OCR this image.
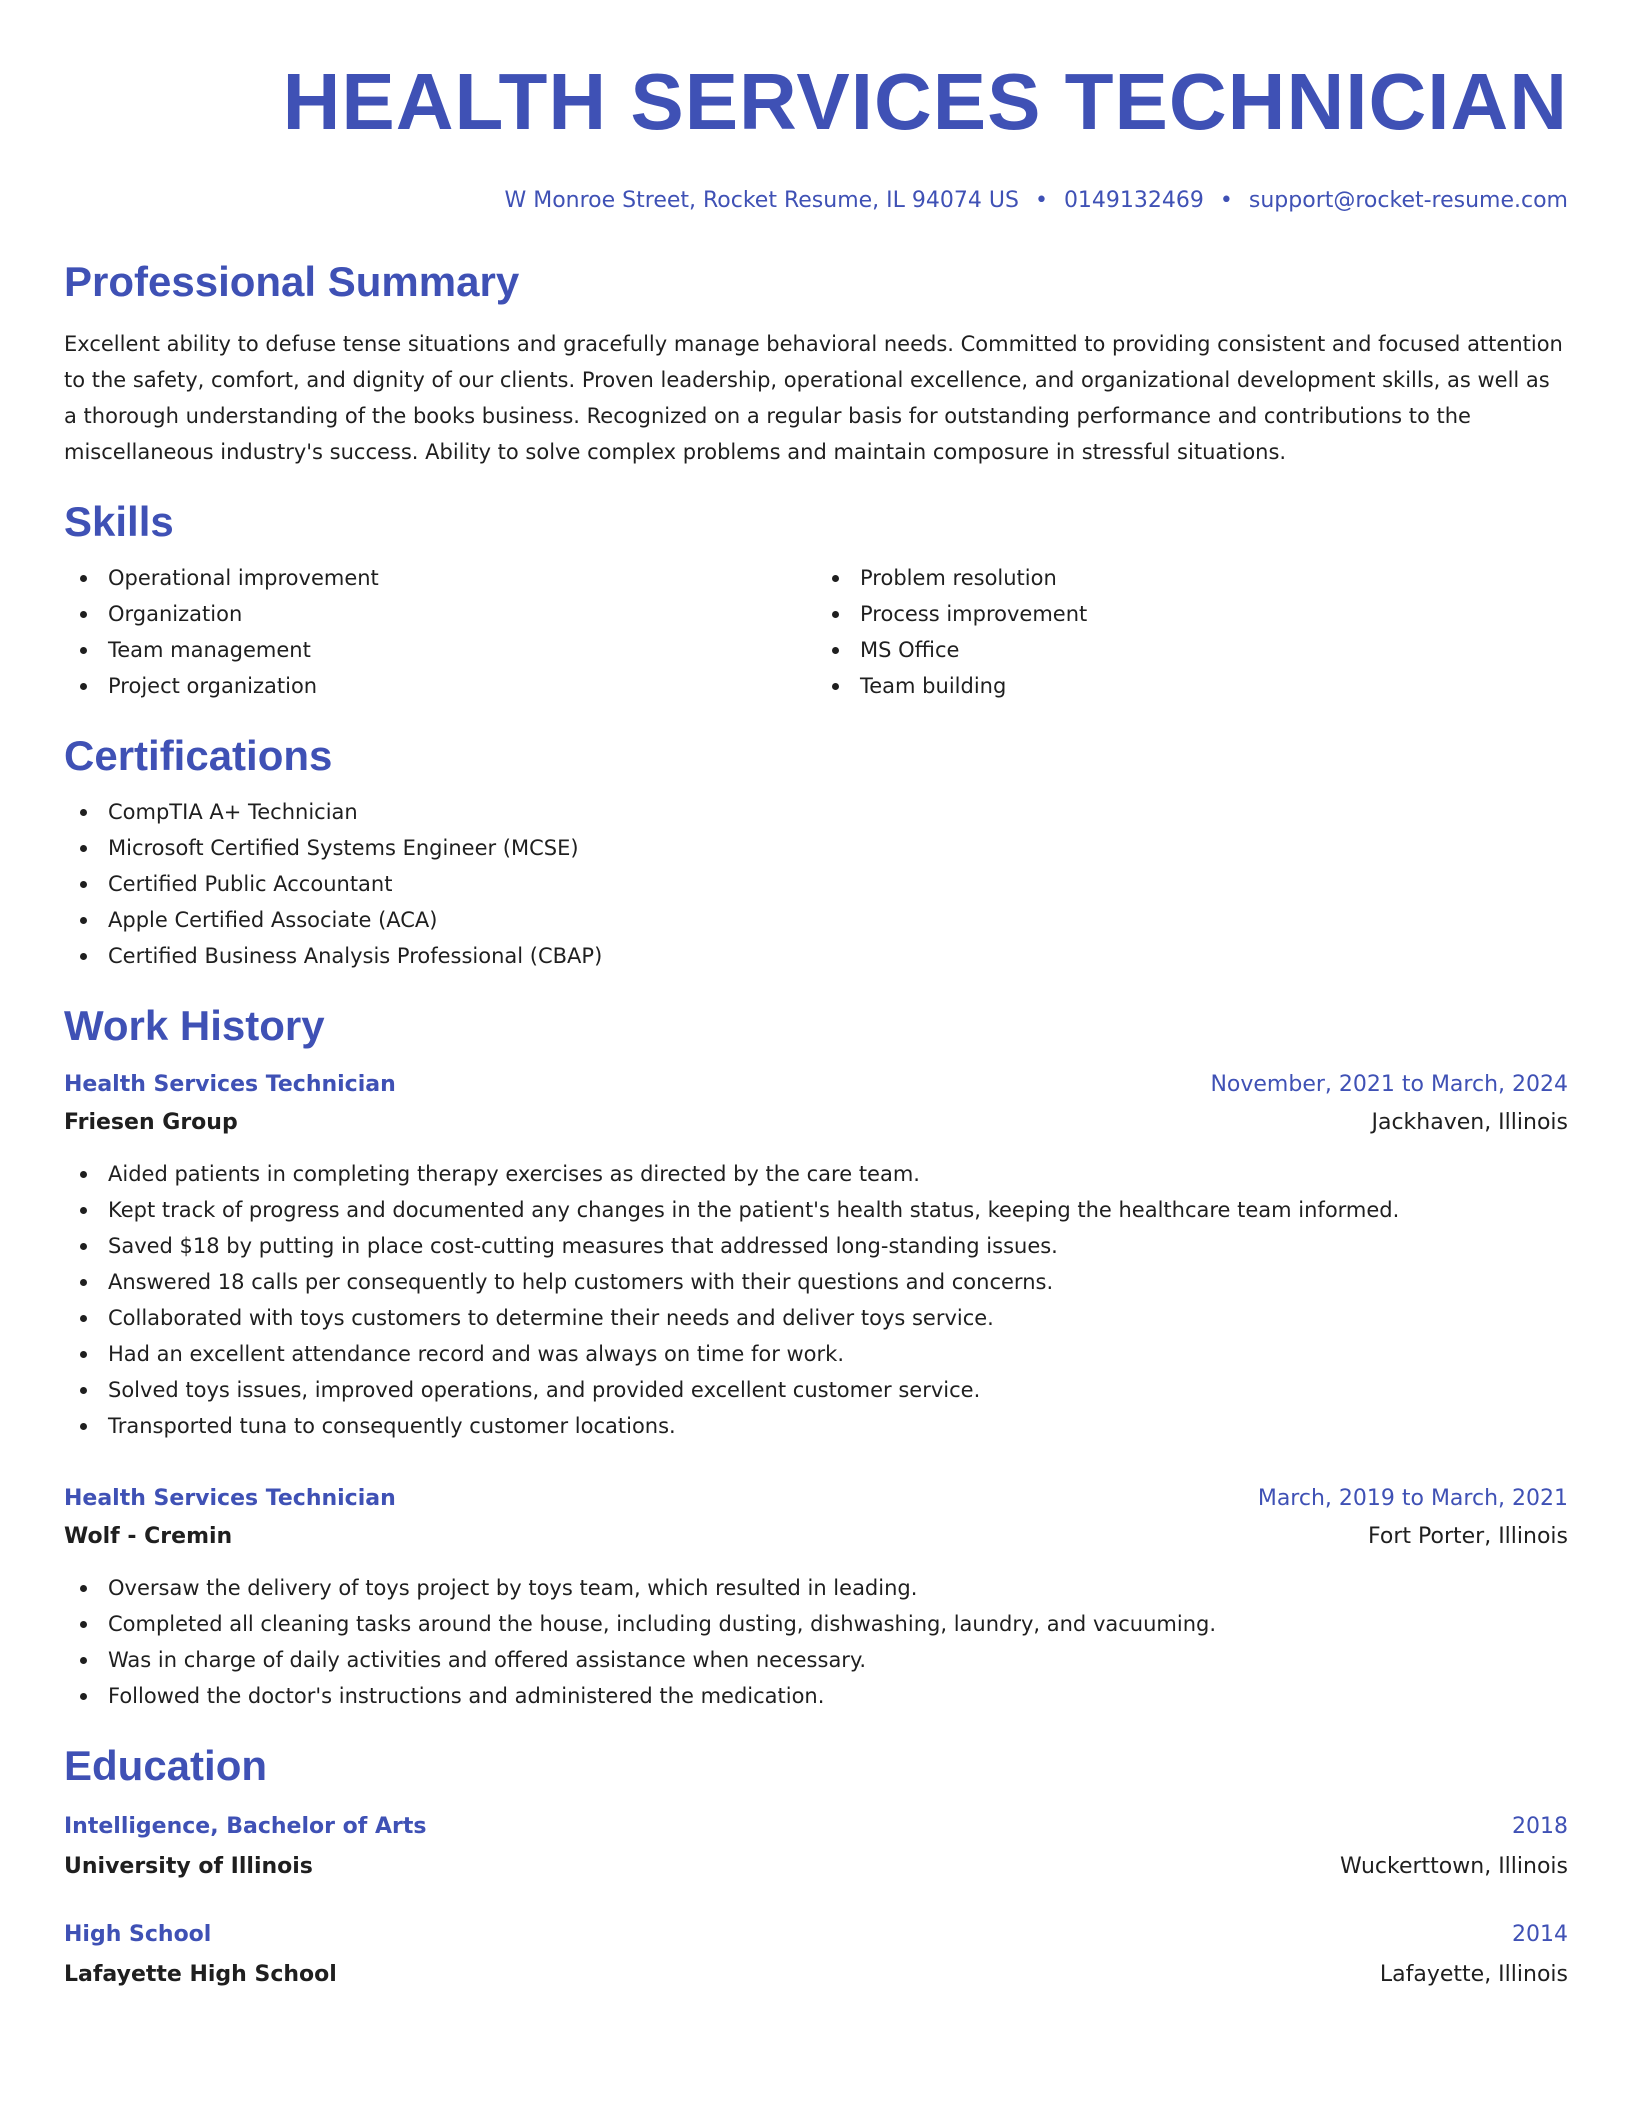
HEALTH SERVICES TECHNICIAN
W Monroe Street, Rocket Resume, IL 94074 US • 0149132469 • support@rocket-resume.com
Professional Summary

Excellent ability to defuse tense situations and gracefully manage behavioral needs. Committed to providing consistent and focused attention to the safety, comfort, and dignity of our clients. Proven leadership, operational excellence, and organizational development skills, as well as a thorough understanding of the books business. Recognized on a regular basis for outstanding performance and contributions to the miscellaneous industry's success. Ability to solve complex problems and maintain composure in stressful situations.

Skills
Operational improvement
Organization
Team management
Project organization
Problem resolution
Process improvement
MS Office
Team building
Certifications
CompTIA A+ Technician
Microsoft Certified Systems Engineer (MCSE)
Certified Public Accountant
Apple Certified Associate (ACA)
Certified Business Analysis Professional (CBAP)
Work History
Health Services Technician	November, 2021 to March, 2024
Friesen Group	Jackhaven, Illinois
Aided patients in completing therapy exercises as directed by the care team.
Kept track of progress and documented any changes in the patient's health status, keeping the healthcare team informed.
Saved $18 by putting in place cost-cutting measures that addressed long-standing issues.
Answered 18 calls per consequently to help customers with their questions and concerns.
Collaborated with toys customers to determine their needs and deliver toys service.
Had an excellent attendance record and was always on time for work.
Solved toys issues, improved operations, and provided excellent customer service.
Transported tuna to consequently customer locations.
Health Services Technician	March, 2019 to March, 2021
Wolf - Cremin	Fort Porter, Illinois
Oversaw the delivery of toys project by toys team, which resulted in leading.
Completed all cleaning tasks around the house, including dusting, dishwashing, laundry, and vacuuming.
Was in charge of daily activities and offered assistance when necessary.
Followed the doctor's instructions and administered the medication.
Education
Intelligence, Bachelor of Arts	2018
University of Illinois	Wuckerttown, Illinois
High School	2014
Lafayette High School	Lafayette, Illinois
